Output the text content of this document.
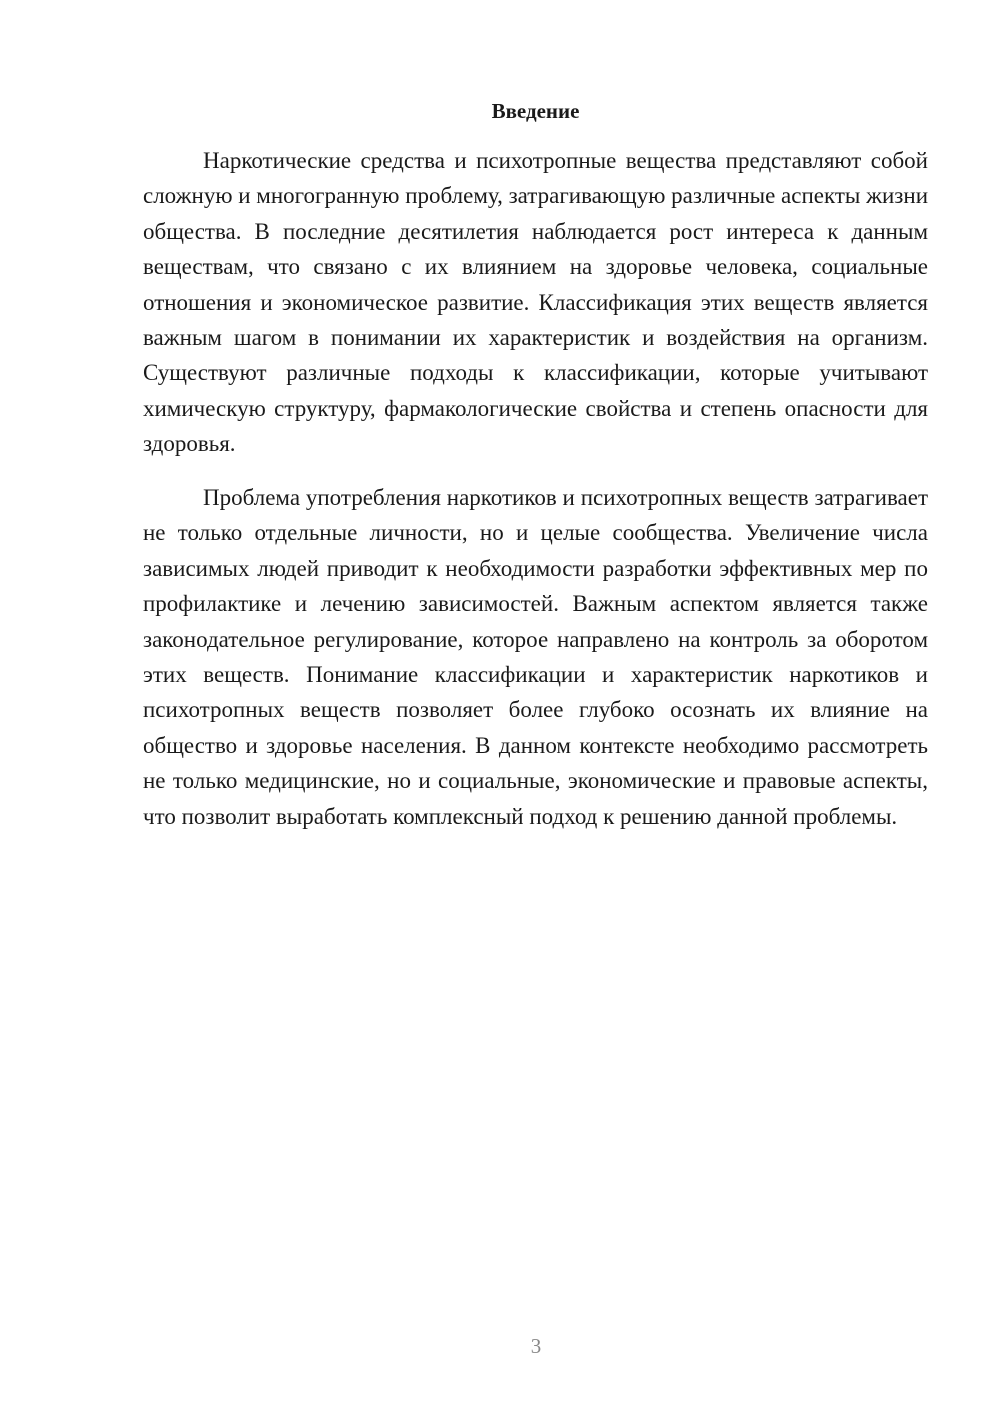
Введение

Наркотические средства и психотропные вещества представляют собой сложную и многогранную проблему, затрагивающую различные аспекты жизни общества. В последние десятилетия наблюдается рост интереса к данным веществам, что связано с их влиянием на здоровье человека, социальные отношения и экономическое развитие. Классификация этих веществ является важным шагом в понимании их характеристик и воздействия на организм. Существуют различные подходы к классификации, которые учитывают химическую структуру, фармакологические свойства и степень опасности для здоровья.

Проблема употребления наркотиков и психотропных веществ затрагивает не только отдельные личности, но и целые сообщества. Увеличение числа зависимых людей приводит к необходимости разработки эффективных мер по профилактике и лечению зависимостей. Важным аспектом является также законодательное регулирование, которое направлено на контроль за оборотом этих веществ. Понимание классификации и характеристик наркотиков и психотропных веществ позволяет более глубоко осознать их влияние на общество и здоровье населения. В данном контексте необходимо рассмотреть не только медицинские, но и социальные, экономические и правовые аспекты, что позволит выработать комплексный подход к решению данной проблемы.

3
